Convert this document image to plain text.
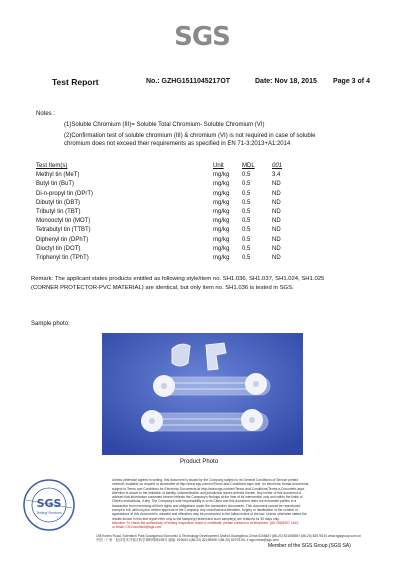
SGS
Test Report	No.: GZHG1511045217OT	Date: Nov 18, 2015 Page 3 of 4
Notes :
(1)Soluble Chromium (III)= Soluble Total Chromium- Soluble Chromium (VI)
(2)Confirmation test of soluble chromium (III) & chromium (VI) is not required in case of soluble
chromium does not exceed their requirements as specified in EN 71-3:2013+A1:2014
Test Item(s)	Unit	MDL	001
Methyl tin (MeT)	mg/kg 0.5	3.4
Butyl tin (BuT)	mg/kg 0.5	ND
Di-n-propyl tin (DPrT)	mg/kg 0.5	ND
Dibutyl tin (DBT)	mg/kg 0.5	ND
Tributyl tin (TBT)	mg/kg 0.5	ND
Monooctyl tin (MOT)	mg/kg 0.5	ND
Tetrabutyl tin (TTBT)	mg/kg 0.5	ND
Diphenyl tin (DPhT)	mg/kg 0.5	ND
Dioctyl tin (DOT)	mg/kg 0.5	ND
Triphenyl tin (TPhT)	mg/kg 0.5	ND
Remark: The applicant states products entitled as following style/item no. SH1.036, SH1.037, SH1.024, SH1.025
(CORNER PROTECTOR-PVC MATERIAL) are identical, but only item no. SH1.036 is tested in SGS.
Sample photo:
Product Photo
SGS
Testing Services
Unless otherwise agreed in writing, this document is issued by the Company subject to its General Conditions of Service printed
overleaf, available on request or accessible at http://www.sgs.com/en/Terms-and-Conditions.aspx and, for electronic format documents,
subject to Terms and Conditions for Electronic Documents at http://www.sgs.com/en/Terms-and-Conditions/Terms-e-Document.aspx.
Attention is drawn to the limitation of liability, indemnification and jurisdiction issues defined therein. Any holder of this document is
advised that information contained hereon reflects the Company's findings at the time of its intervention only and within the limits of
Client's instructions, if any. The Company's sole responsibility is to its Client and this document does not exonerate parties to a
transaction from exercising all their rights and obligations under the transaction documents. This document cannot be reproduced
except in full, without prior written approval of the Company. Any unauthorized alteration, forgery or falsification of the content or
appearance of this document is unlawful and offenders may be prosecuted to the fullest extent of the law. Unless otherwise stated the
results shown in this test report refer only to the sample(s) tested and such sample(s) are retained for 30 days only.
Attention: To check the authenticity of testing /inspection report & certificate, please contact us at telephone: (86-755)8307 1443,
or email: CN.Doccheck@sgs.com
198 Kezhu Road, Scientech Park Guangzhou Economic & Technology Development District,Guangzhou,China 510663 t (86-20) 82155555 f (86-20) 82075191 www.sgsgroup.com.cn
中国・广州・经济技术开发区科学城科珠路198号 邮编: 510663 t (86-20) 82155555 f (86-20) 82075191 e sgs.china@sgs.com
Member of the SGS Group (SGS SA)
